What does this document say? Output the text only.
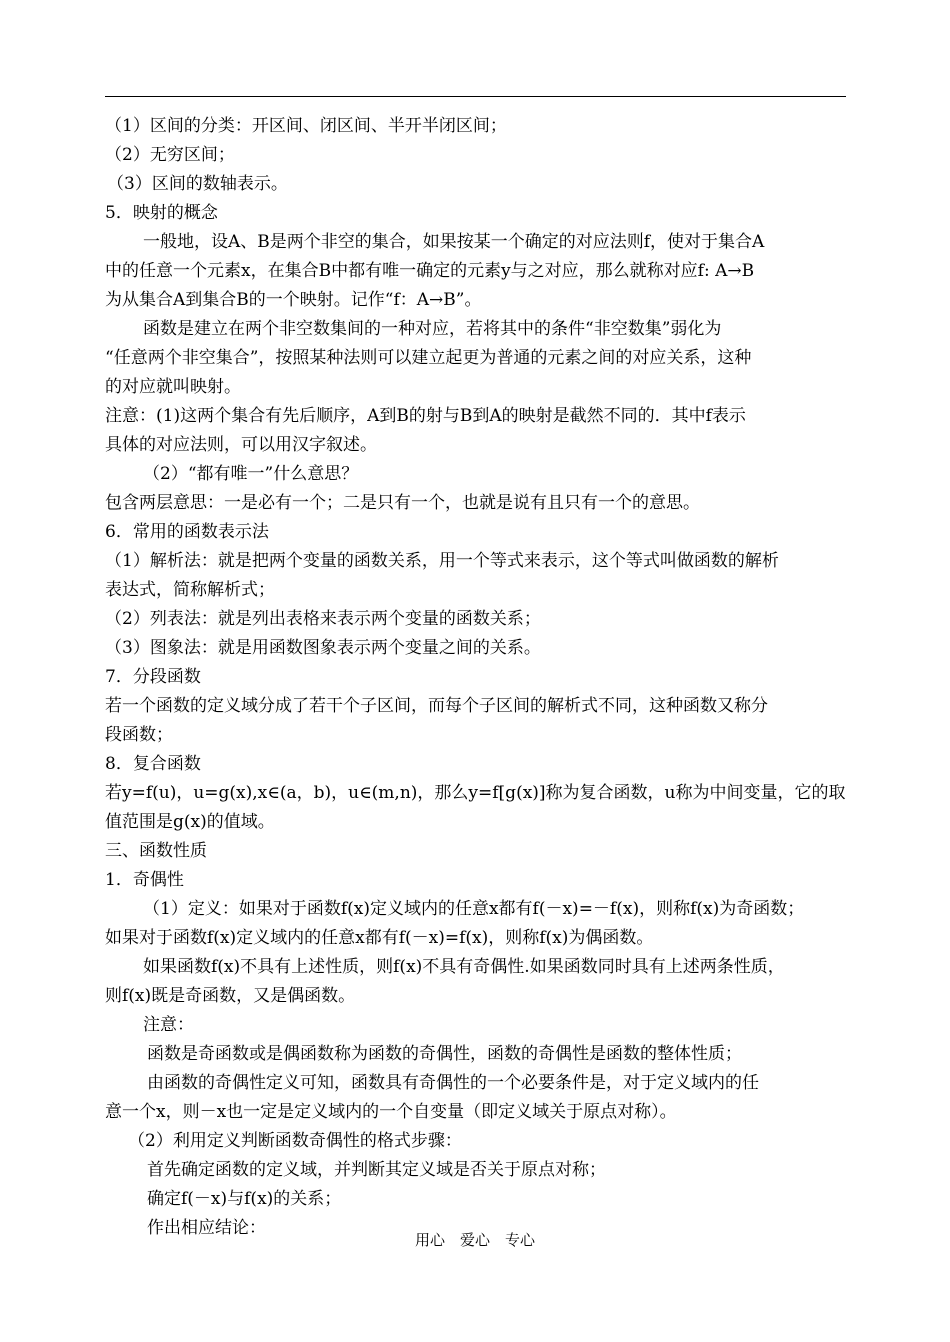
（1）区间的分类：开区间、闭区间、半开半闭区间；
（2）无穷区间；
（3）区间的数轴表示。
5．映射的概念
一般地，设A、B是两个非空的集合，如果按某一个确定的对应法则f，使对于集合A
中的任意一个元素x，在集合B中都有唯一确定的元素y与之对应，那么就称对应f: A→B
为从集合A到集合B的一个映射。记作“f：A→B”。
函数是建立在两个非空数集间的一种对应，若将其中的条件“非空数集”弱化为
“任意两个非空集合”，按照某种法则可以建立起更为普通的元素之间的对应关系，这种
的对应就叫映射。
注意：(1)这两个集合有先后顺序，A到B的射与B到A的映射是截然不同的．其中f表示
具体的对应法则，可以用汉字叙述。
（2）“都有唯一”什么意思？
包含两层意思：一是必有一个；二是只有一个，也就是说有且只有一个的意思。
6．常用的函数表示法
（1）解析法：就是把两个变量的函数关系，用一个等式来表示，这个等式叫做函数的解析
表达式，简称解析式；
（2）列表法：就是列出表格来表示两个变量的函数关系；
（3）图象法：就是用函数图象表示两个变量之间的关系。
7．分段函数
若一个函数的定义域分成了若干个子区间，而每个子区间的解析式不同，这种函数又称分
段函数；
8．复合函数
若y=f(u)，u=g(x),x∈(a，b)，u∈(m,n)，那么y=f[g(x)]称为复合函数，u称为中间变量，它的取
值范围是g(x)的值域。
三、函数性质
1．奇偶性
（1）定义：如果对于函数f(x)定义域内的任意x都有f(－x)=－f(x)，则称f(x)为奇函数；
如果对于函数f(x)定义域内的任意x都有f(－x)=f(x)，则称f(x)为偶函数。
如果函数f(x)不具有上述性质，则f(x)不具有奇偶性.如果函数同时具有上述两条性质，
则f(x)既是奇函数，又是偶函数。
注意：
函数是奇函数或是偶函数称为函数的奇偶性，函数的奇偶性是函数的整体性质；
由函数的奇偶性定义可知，函数具有奇偶性的一个必要条件是，对于定义域内的任
意一个x，则－x也一定是定义域内的一个自变量（即定义域关于原点对称）。
（2）利用定义判断函数奇偶性的格式步骤：
首先确定函数的定义域，并判断其定义域是否关于原点对称；
确定f(－x)与f(x)的关系；
作出相应结论：
用心　爱心　专心
